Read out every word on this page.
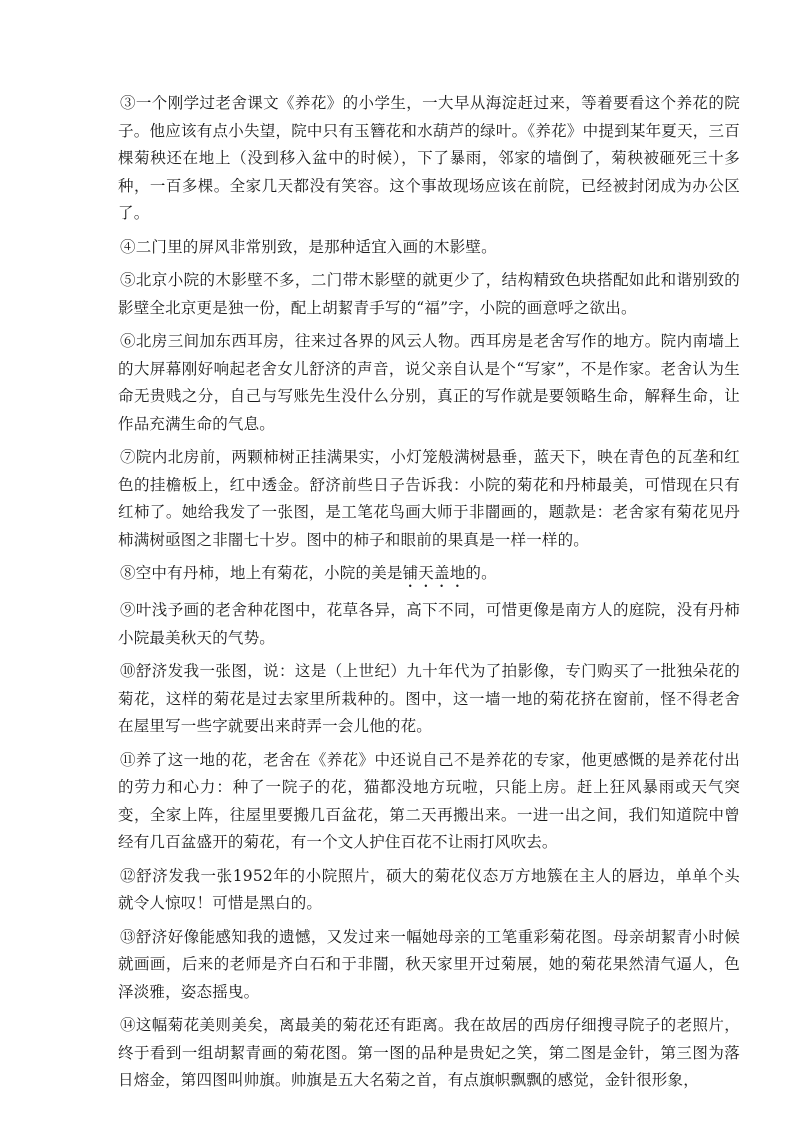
③一个刚学过老舍课文《养花》的小学生，一大早从海淀赶过来，等着要看这个养花的院子。他应该有点小失望，院中只有玉簪花和水葫芦的绿叶。《养花》中提到某年夏天，三百棵菊秧还在地上（没到移入盆中的时候），下了暴雨，邻家的墙倒了，菊秧被砸死三十多种，一百多棵。全家几天都没有笑容。这个事故现场应该在前院，已经被封闭成为办公区了。

④二门里的屏风非常别致，是那种适宜入画的木影壁。

⑤北京小院的木影壁不多，二门带木影壁的就更少了，结构精致色块搭配如此和谐别致的影壁全北京更是独一份，配上胡絜青手写的“福”字，小院的画意呼之欲出。

⑥北房三间加东西耳房，往来过各界的风云人物。西耳房是老舍写作的地方。院内南墙上的大屏幕刚好响起老舍女儿舒济的声音，说父亲自认是个“写家”，不是作家。老舍认为生命无贵贱之分，自己与写账先生没什么分别，真正的写作就是要领略生命，解释生命，让作品充满生命的气息。

⑦院内北房前，两颗柿树正挂满果实，小灯笼般满树悬垂，蓝天下，映在青色的瓦垄和红色的挂檐板上，红中透金。舒济前些日子告诉我：小院的菊花和丹柿最美，可惜现在只有红柿了。她给我发了一张图，是工笔花鸟画大师于非闇画的，题款是：老舍家有菊花见丹柿满树亟图之非闇七十岁。图中的柿子和眼前的果真是一样一样的。

⑧空中有丹柿，地上有菊花，小院的美是铺天盖地的。

⑨叶浅予画的老舍种花图中，花草各异，高下不同，可惜更像是南方人的庭院，没有丹柿小院最美秋天的气势。

⑩舒济发我一张图，说：这是（上世纪）九十年代为了拍影像，专门购买了一批独朵花的菊花，这样的菊花是过去家里所栽种的。图中，这一墙一地的菊花挤在窗前，怪不得老舍在屋里写一些字就要出来莳弄一会儿他的花。

⑪养了这一地的花，老舍在《养花》中还说自己不是养花的专家，他更感慨的是养花付出的劳力和心力：种了一院子的花，猫都没地方玩啦，只能上房。赶上狂风暴雨或天气突变，全家上阵，往屋里要搬几百盆花，第二天再搬出来。一进一出之间，我们知道院中曾经有几百盆盛开的菊花，有一个文人护住百花不让雨打风吹去。

⑫舒济发我一张1952年的小院照片，硕大的菊花仪态万方地簇在主人的唇边，单单个头就令人惊叹！可惜是黑白的。

⑬舒济好像能感知我的遗憾，又发过来一幅她母亲的工笔重彩菊花图。母亲胡絜青小时候就画画，后来的老师是齐白石和于非闇，秋天家里开过菊展，她的菊花果然清气逼人，色泽淡雅，姿态摇曳。

⑭这幅菊花美则美矣，离最美的菊花还有距离。我在故居的西房仔细搜寻院子的老照片，终于看到一组胡絜青画的菊花图。第一图的品种是贵妃之笑，第二图是金针，第三图为落日熔金，第四图叫帅旗。帅旗是五大名菊之首，有点旗帜飘飘的感觉，金针很形象，
